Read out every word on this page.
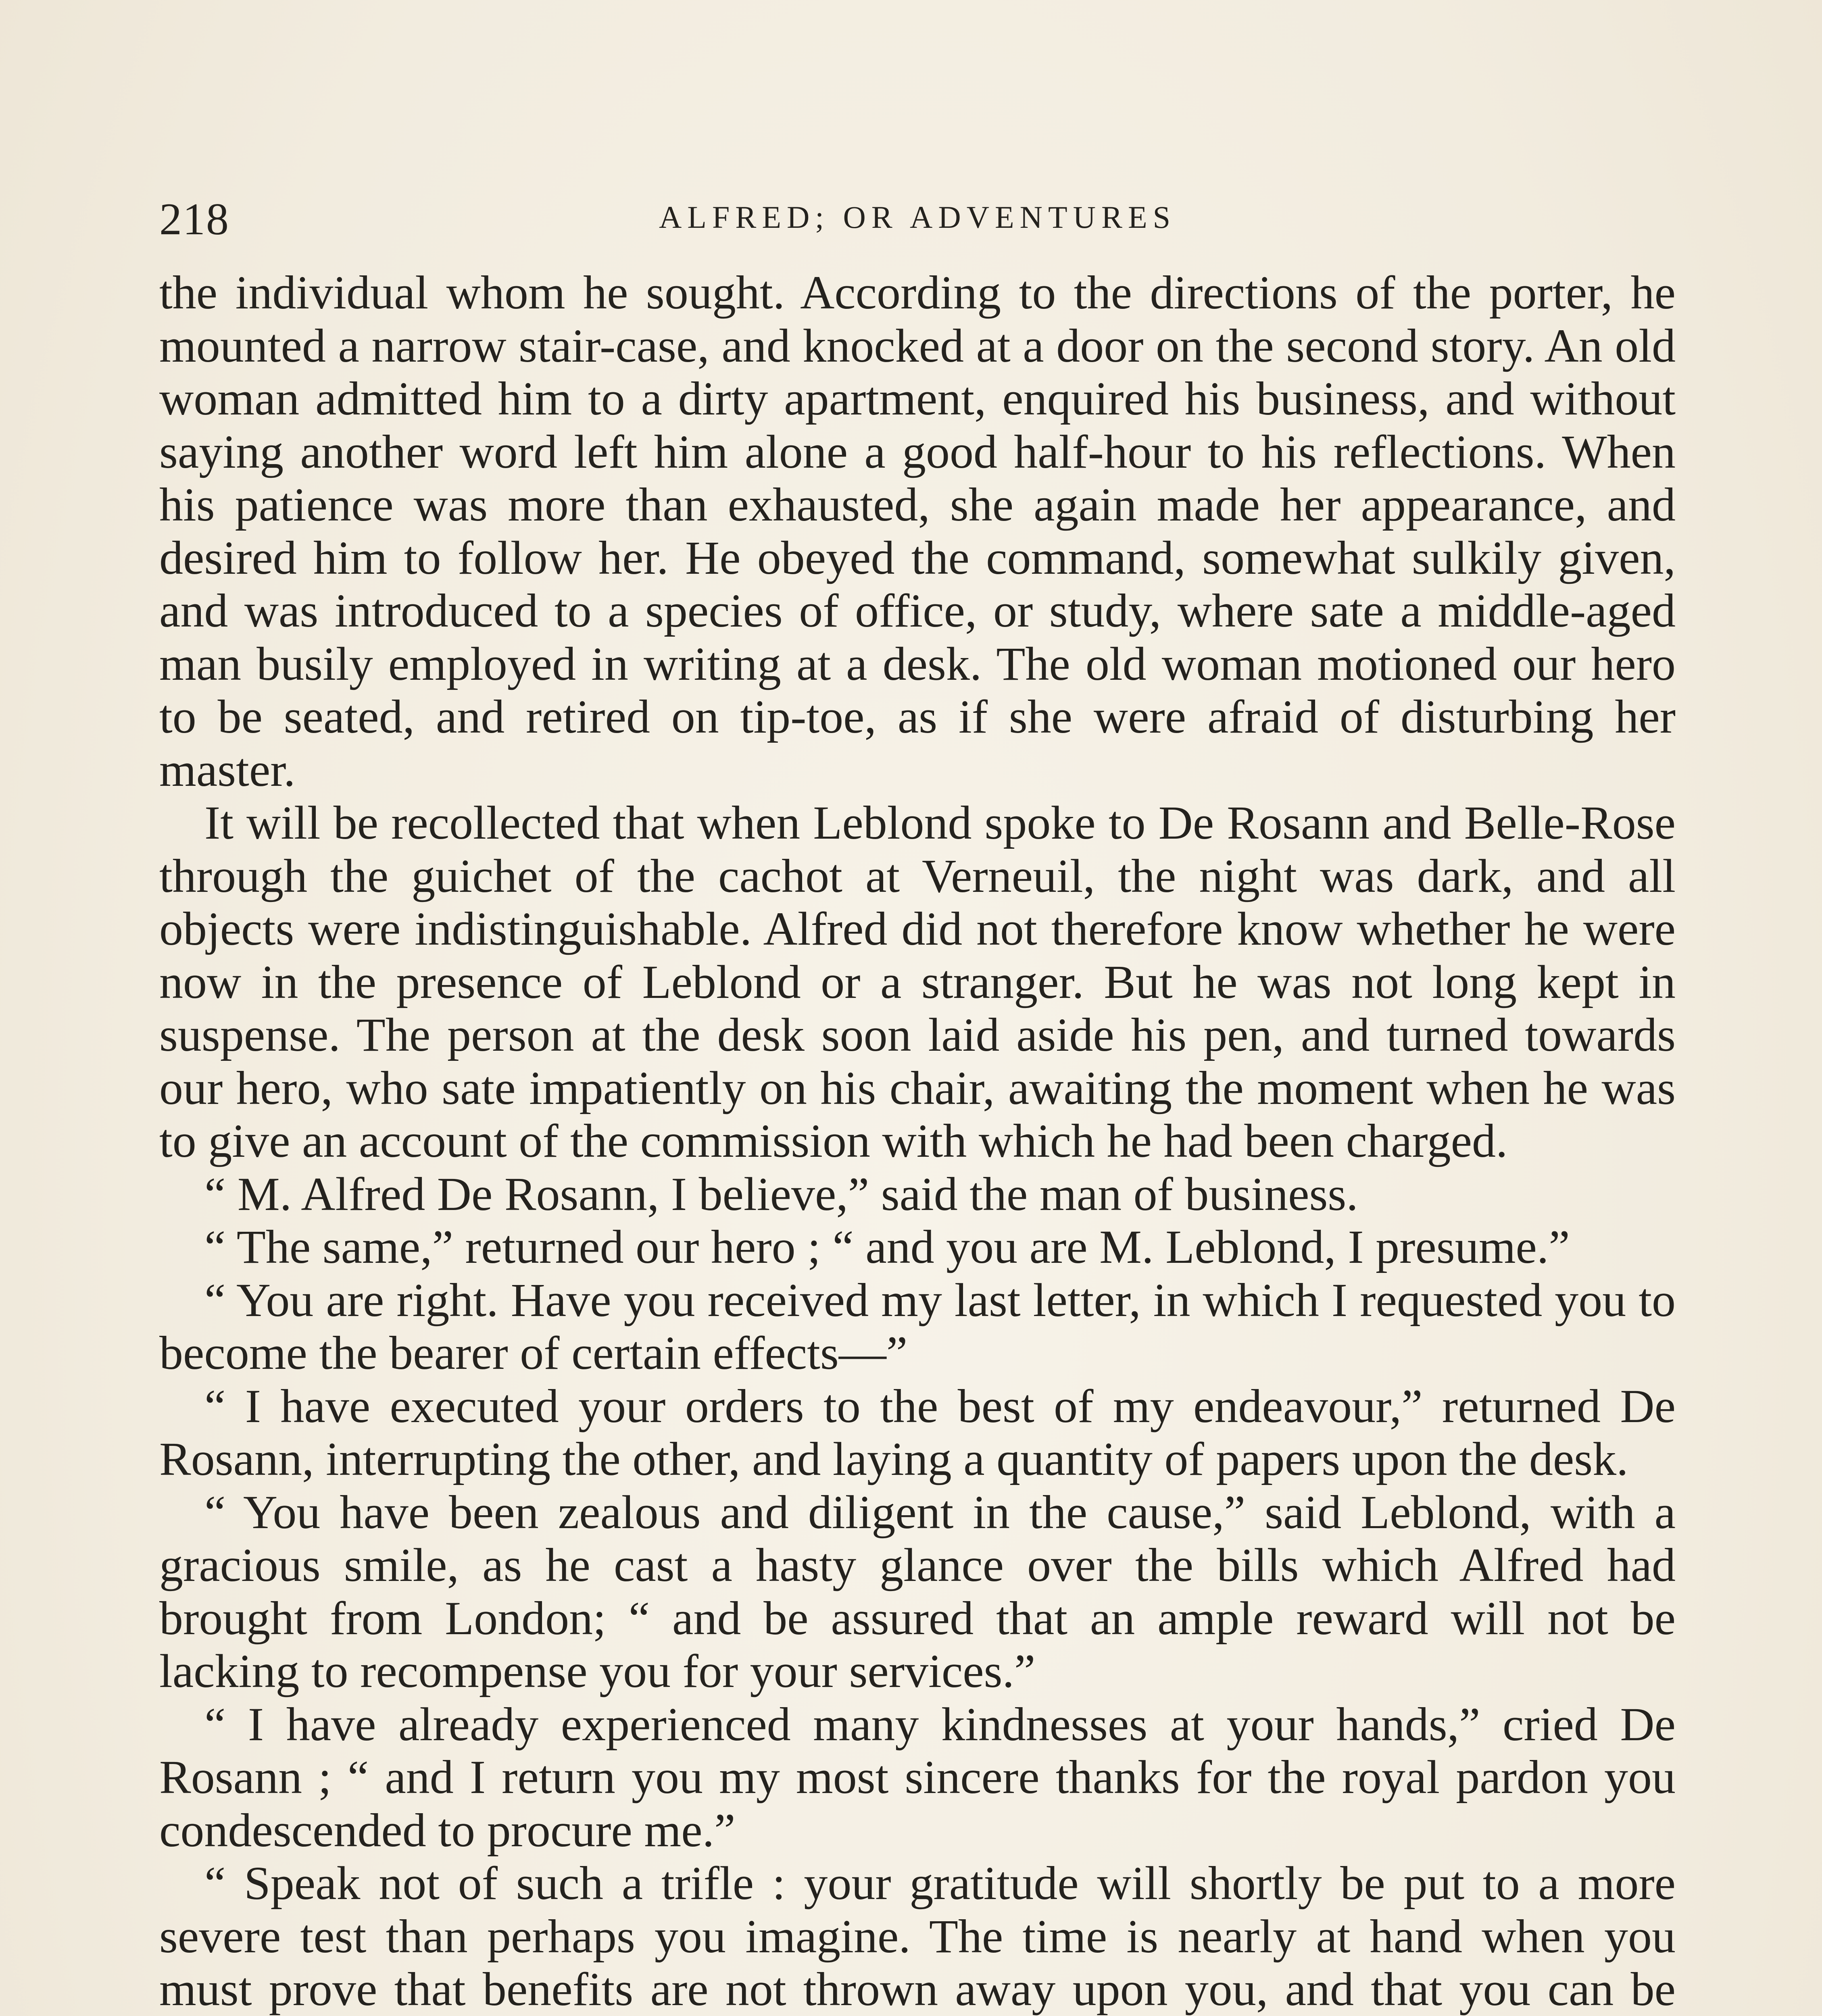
218	ALFRED; OR ADVENTURES

the individual whom he sought. According to the directions of the porter, he mounted a narrow stair-case, and knocked at a door on the second story. An old woman admitted him to a dirty apartment, enquired his business, and without saying another word left him alone a good half-hour to his reflections. When his patience was more than exhausted, she again made her appearance, and desired him to follow her. He obeyed the command, somewhat sulkily given, and was introduced to a species of office, or study, where sate a middle-aged man busily employed in writing at a desk. The old woman motioned our hero to be seated, and retired on tip-toe, as if she were afraid of disturbing her master.

It will be recollected that when Leblond spoke to De Rosann and Belle-Rose through the guichet of the cachot at Verneuil, the night was dark, and all objects were indistinguishable. Alfred did not therefore know whether he were now in the presence of Leblond or a stranger. But he was not long kept in suspense. The person at the desk soon laid aside his pen, and turned towards our hero, who sate impatiently on his chair, awaiting the moment when he was to give an account of the commission with which he had been charged.

“ M. Alfred De Rosann, I believe,” said the man of business.

“ The same,” returned our hero ; “ and you are M. Leblond, I presume.”

“ You are right. Have you received my last letter, in which I requested you to become the bearer of certain effects—”

“ I have executed your orders to the best of my endeavour,” returned De Rosann, interrupting the other, and laying a quantity of papers upon the desk.

“ You have been zealous and diligent in the cause,” said Leblond, with a gracious smile, as he cast a hasty glance over the bills which Alfred had brought from London; “ and be assured that an ample reward will not be lacking to recompense you for your services.”

“ I have already experienced many kindnesses at your hands,” cried De Rosann ; “ and I return you my most sincere thanks for the royal pardon you condescended to procure me.”

“ Speak not of such a trifle : your gratitude will shortly be put to a more severe test than perhaps you imagine. The time is nearly at hand when you must prove that benefits are not thrown away upon you, and that you can be
